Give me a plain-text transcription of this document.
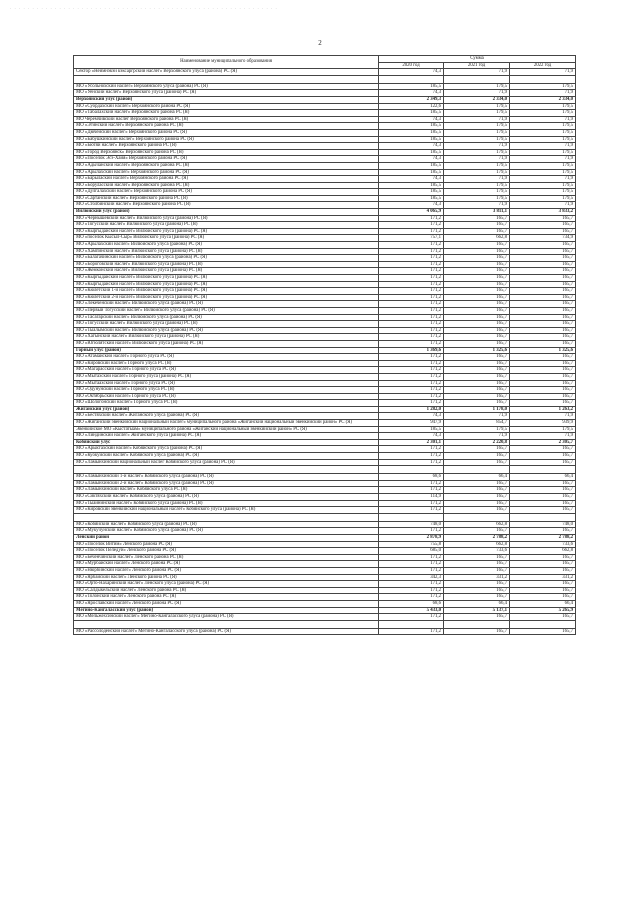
. . . . . . . . . . . . . . . . . . . . . . . . . . . . . . . . . . . . . . . . . . . . . . . . . . . . . . . . . . . .
2
Наименование муниципального образования	Сумма		
	2020 год	2021 год	2022 год
Сектор «Неймнэкэй кэксаргрский наслег» Верхоянского улуса (района) РС (Я)	74,3	71,9	71,9

МО «Усольнохский наслег» Верхоянского улуса (района) РС (Я)	185,5	179,5	179,5
МО «Уенский наслег» Верхоянского улуса (района) РС (Я)	74,3	71,9	71,9
Верхоянский улус (район)	2 349,3	2 334,0	2 334,0
МО «Суордахский наслег» Верхоянского района РС (Я)	122,6	179,5	179,5
МО «Табалахский наслег» Верхоянского района РС (Я)	185,5	179,5	179,5
МО Черемчивский наслег Верхоянского района РС (Я)	74,3	71,9	71,9
МО «Эгинский наслег» Верхоянского района РС (Я)	185,5	179,5	179,5
МО «Дючейский наслег» Верхоянского района РС (Я)	185,5	179,5	179,5
МО «Бабушкинский наслег» Верхоянского района РС (Я)	185,5	179,5	179,5
МО «Бютяй наслег» Верхоянского района РС (Я)	74,3	71,9	71,9
МО «Город Верхоянск» Верхоянского района РС (Я)	185,5	179,5	179,5
МО «Поселок Эсэ-Хайя» Верхоянского района РС (Я)	74,3	71,9	71,9
МО «Адычанский наслег» Верхоянского района РС (Я)	185,5	179,5	179,5
МО «Арылахский наслег» Верхоянского района РС (Я)	185,5	179,5	179,5
МО «Барылаский наслег» Верхоянского района РС (Я)	74,3	71,9	71,9
МО «Боруласский наслег» Верхоянского района РС (Я)	185,5	179,5	179,5
МО «Дулгалахский наслег» Верхоянского района РС (Я)	185,5	179,5	179,5
МО «Сартанский наслег» Верхоянского района РС (Я)	185,5	179,5	179,5
МО «Столбинский наслег» Верхоянского района РС (Я)	74,3	71,9	71,9
Вилюйский улус (район)	4 065,9	3 811,1	3 833,2
МО «Чернышевский наслег» Вилюйского улуса (района) РС (Я)	171,2	165,7	165,7
МО «Тогусский наслег» Вилюйского улуса (района) РС (Я)	171,2	165,7	165,7
МО «Кыргыдайский наслег» Вилюйского улуса (района) РС (Я)	171,2	165,7	165,7
МО «поселок Кысыл-Сыр» Вилюйского улуса (района) РС (Я)	757,1	662,8	734,9
МО «Арылахский наслег» Вилюйского улуса (района) РС (Я)	171,2	165,7	165,7
МО «Хампинский наслег» Вилюйского улуса (района) РС (Я)	171,2	165,7	165,7
МО «Балагачинский наслег» Вилюйского улуса (района) РС (Я)	171,2	165,7	165,7
МО «Бороговский наслег» Вилюйского улуса (района) РС (Я)	171,2	165,7	165,7
МО «Жемконский наслег» Вилюйского улуса (района) РС (Я)	171,2	165,7	165,7
МО «Кыргыдайский наслег» Вилюйского улуса (района) РС (Я)	171,2	165,7	165,7
МО «Кыргыдайский наслег» Вилюйского улуса (района) РС (Я)	171,2	165,7	165,7
МО «Кюлетский 1-й наслег» Вилюйского улуса (района) РС (Я)	171,2	165,7	165,7
МО «Кюлетский 2-й наслег» Вилюйского улуса (района) РС (Я)	171,2	165,7	165,7
МО «Лекеченский наслег» Вилюйского улуса (района) РС (Я)	171,2	165,7	165,7
МО «Первый Тогусский наслег» Вилюйского улуса (района) РС (Я)	171,2	165,7	165,7
МО «Тасагарский наслег» Вилюйского улуса (района) РС (Я)	171,2	165,7	165,7
МО «Тогусский наслег» Вилюйского улуса (района) РС (Я)	171,2	165,7	165,7
МО «Тыалымский наслег» Вилюйского улуса (района) РС (Я)	171,2	165,7	165,7
МО «Хагынский наслег» Вилюйского улуса (района) РС (Я)	171,2	165,7	165,7
МО «Югюлятский наслег» Вилюйского улуса (района) РС (Я)	171,2	165,7	165,7
Горный улус (район)	1 369,6	1 325,6	1 325,6
МО «Атамайский наслег» Горного улуса РС (Я)	171,2	165,7	165,7
МО «Кировский наслег» Горного улуса РС (Я)	171,2	165,7	165,7
МО «Магарасский наслег» Горного улуса РС (Я)	171,2	165,7	165,7
МО «Мытахский наслег» Горного улуса (района) РС (Я)	171,2	165,7	165,7
МО «Мытаахский наслег» Горного улуса РС (Я)	171,2	165,7	165,7
МО «Одунунский наслег» Горного улуса РС (Я)	171,2	165,7	165,7
МО «Октябрьский наслег» Горного улуса РС (Я)	171,2	165,7	165,7
МО «Шологонский наслег» Горного улуса РС (Я)	171,2	165,7	165,7
Жиганский улус (район)	1 282,0	1 178,0	1 263,2
МО «Бестяхский наслег» Жиганского улуса (района) РС (Я)	74,3	71,9	71,9
МО «Жиганский эвенкийский национальный наслег» муниципального района «Жиганский национальный эвенкийский район» РС (Я)	947,9	854,7	939,9
Эвенкийское МО «Кыстатыам» муниципального района «Жиганский национальный эвенкийский район» РС (Я)	185,5	179,5	179,5
МО «Линдинский наслег» Жиганского улуса (района) РС (Я)	74,3	71,9	71,9
Кобяйский улус	2 301,1	2 220,8	2 305,7
МО «Арыктахский наслег» Кобяйского улуса (района) РС (Я)	171,2	165,7	165,7
МО «Куокуйский наслег» Кобяйского улуса (района) РС (Я)	171,2	165,7	165,7
МО «Ламынхинский национальный наслег Кобяйского улуса (района) РС (Я)	171,2	165,7	165,7

МО «Ламынхинский 1-й наслег» Кобяйского улуса (района) РС (Я)	68,6	66,4	66,4
МО «Ламынхинский 2-й наслег» Кобяйского улуса (района) РС (Я)	171,2	165,7	165,7
МО «Ламынхинский наслег» Кобяйского улуса РС (Я)	171,2	165,7	165,7
МО «Сиктяхский наслег» Кобяйского улуса (района) РС (Я)	114,9	165,7	165,7
МО «Тыайнинский наслег» Кобяйского улуса (района) РС (Я)	171,2	165,7	165,7
МО «Кировский эвенкийский национальный наслег» Кобяйского улуса (района) РС (Я)	171,2	165,7	165,7

МО «Кобяйский наслег» Кобяйского улуса (района) РС (Я)	748,0	662,8	748,0
МО «Мукучунский наслег» Кобяйского улуса (района) РС (Я)	171,2	165,7	165,7
Ленский район	2 878,9	2 788,2	2 788,2
МО «Поселок Витим» Ленского района РС (Я)	755,8	662,8	733,6
МО «Поселок Пеледуй» Ленского района РС (Я)	685,0	733,6	662,8
МО «Беченчинский наслег» Ленского района РС (Я)	171,2	165,7	165,7
МО «Мурбайский наслег» Ленского района РС (Я)	171,2	165,7	165,7
МО «Нюрбинский наслег» Ленского района РС (Я)	171,2	165,7	165,7
МО «Ярбайский наслег» Ленского района РС (Я)	342,3	331,2	331,2
МО «Орто-Нахаринский наслег» Ленского улуса (района) РС (Я)	171,2	165,7	165,7
МО «Салдыкельский наслег» Ленского района РС (Я)	171,2	165,7	165,7
МО «Толонский наслег» Ленского района РС (Я)	171,2	165,7	165,7
МО «Ярославский наслег» Ленского района РС (Я)	68,6	66,4	66,4
Мегино-Кангаласский улус (район)	5 433,0	5 137,1	5 265,9
МО «Мельжехсинский наслег» Мегино-Кангаласского улуса (района) РС (Я)	171,2	165,7	165,7

МО «Рассолоденский наслег» Мегино-Кангаласского улуса (района) РС (Я)	171,2	165,7	165,7
